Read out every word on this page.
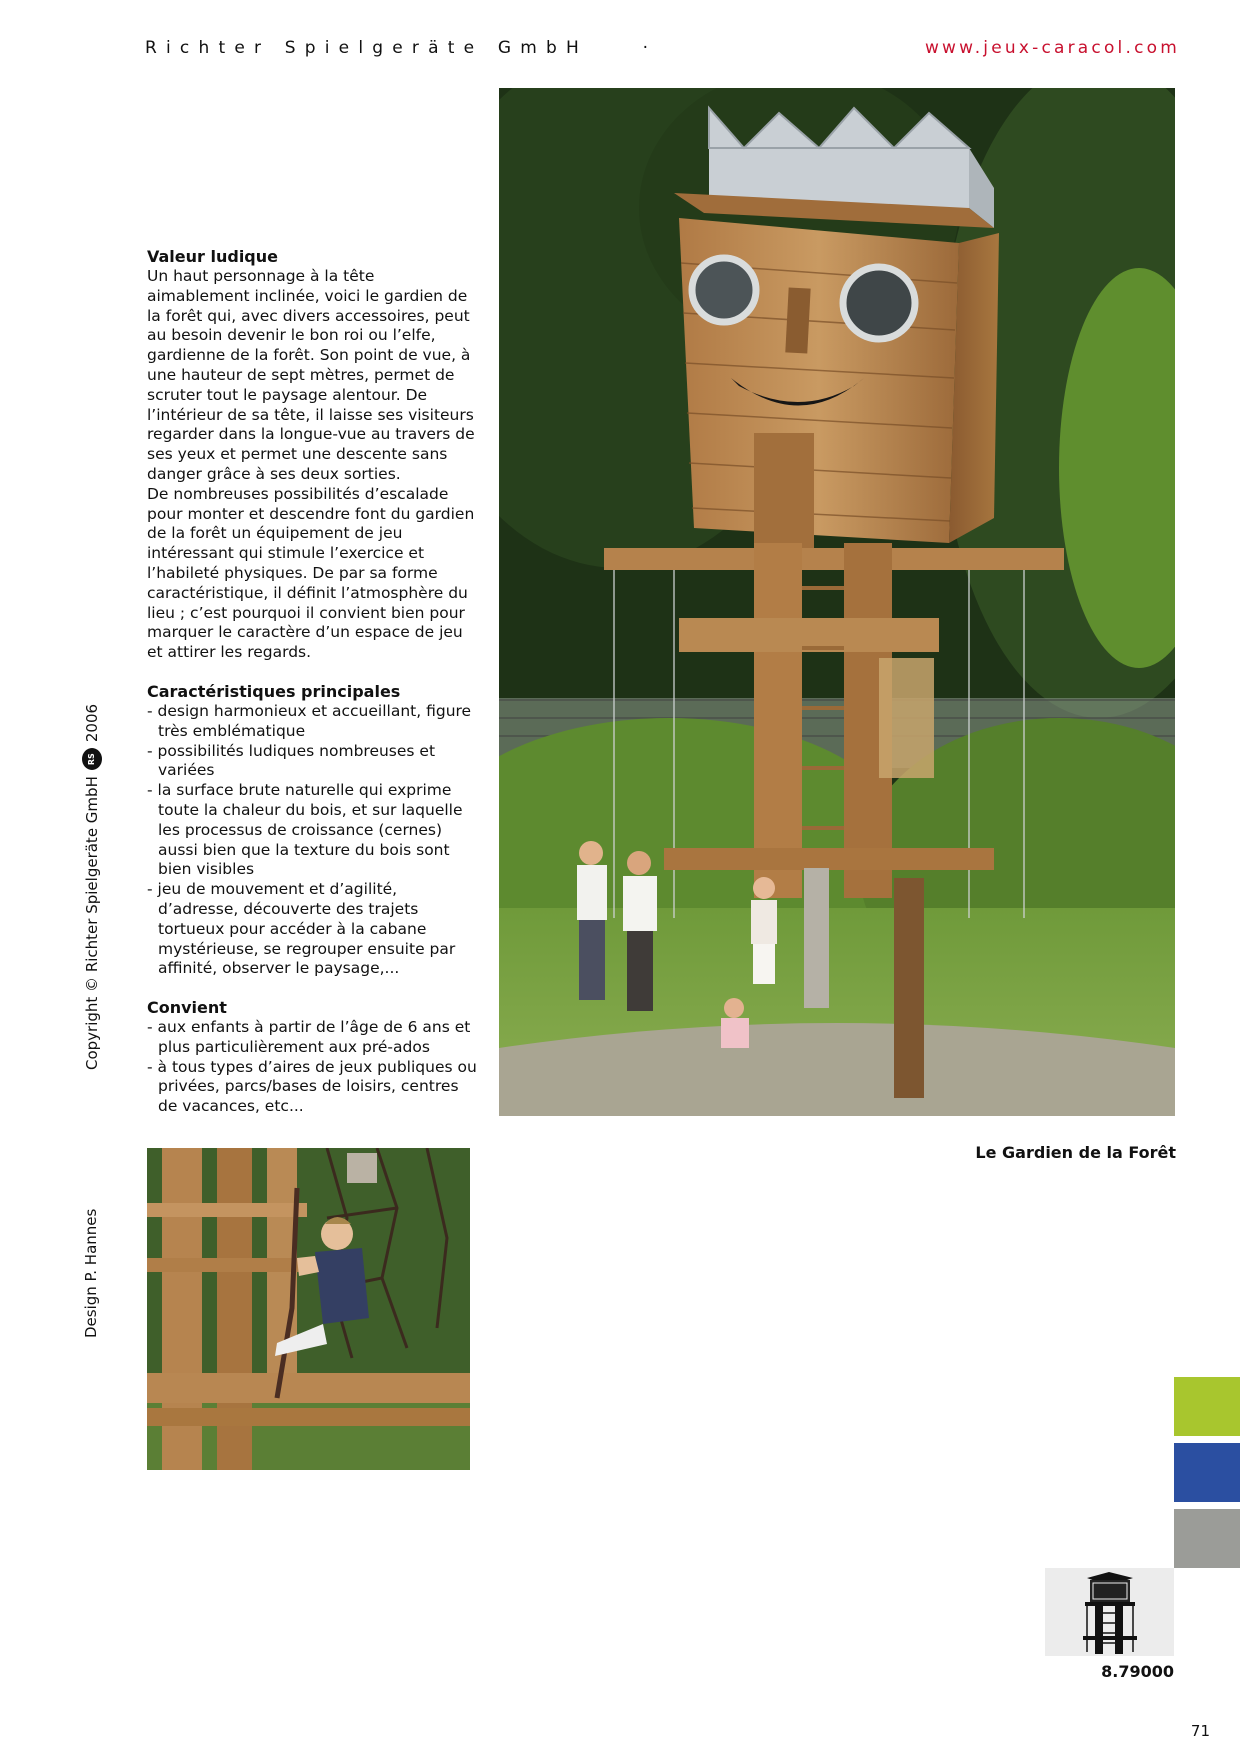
Richter Spielgeräte GmbH	·	www.jeux-caracol.com
Copyright © Richter Spielgeräte GmbH
RS
2006
Design P. Hannes
Valeur ludique

Un haut personnage à la tête aimablement inclinée, voici le gardien de la forêt qui, avec divers accessoires, peut au besoin devenir le bon roi ou l’elfe, gardienne de la forêt. Son point de vue, à une hauteur de sept mètres, permet de scruter tout le paysage alentour. De l’intérieur de sa tête, il laisse ses visiteurs regarder dans la longue-vue au travers de ses yeux et permet une descente sans danger grâce à ses deux sorties.

De nombreuses possibilités d’escalade pour monter et descendre font du gardien de la forêt un équipement de jeu intéressant qui stimule l’exercice et l’habileté physiques. De par sa forme caractéristique, il définit l’atmosphère du lieu ; c’est pourquoi il convient bien pour marquer le caractère d’un espace de jeu et attirer les regards.

Caractéristiques principales
- design harmonieux et accueillant, figure très emblématique
- possibilités ludiques nombreuses et variées
- la surface brute naturelle qui exprime toute la chaleur du bois, et sur laquelle les processus de croissance (cernes) aussi bien que la texture du bois sont bien visibles
- jeu de mouvement et d’agilité, d’adresse, découverte des trajets tortueux pour accéder à la cabane mystérieuse, se regrouper ensuite par affinité, observer le paysage,...
Convient
- aux enfants à partir de l’âge de 6 ans et plus particulièrement aux pré-ados
- à tous types d’aires de jeux publiques ou privées, parcs/bases de loisirs, centres de vacances, etc...
Le Gardien de la Forêt
8.79000
71
